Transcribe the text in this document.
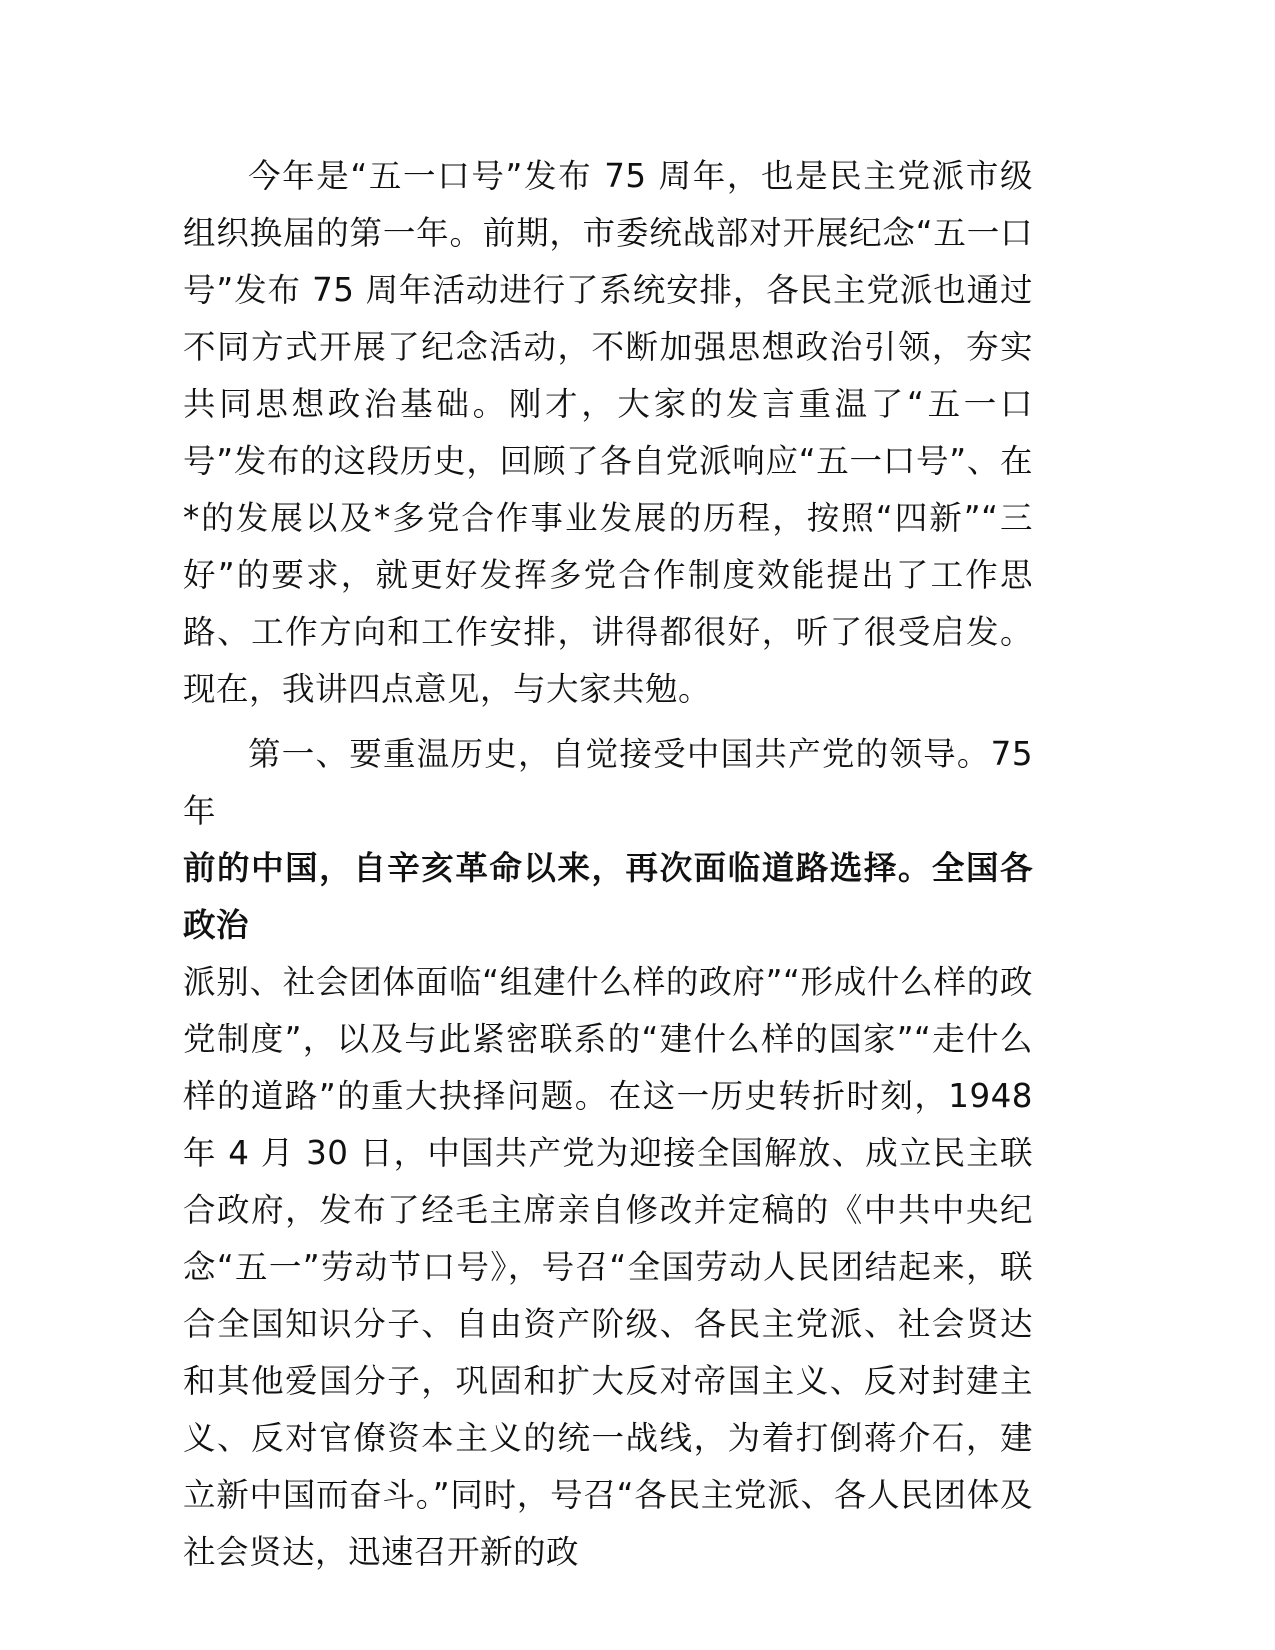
今年是“五一口号”发布 75 周年，也是民主党派市级组织换届的第一年。前期，市委统战部对开展纪念“五一口号”发布 75 周年活动进行了系统安排，各民主党派也通过不同方式开展了纪念活动，不断加强思想政治引领，夯实共同思想政治基础。刚才，大家的发言重温了“五一口号”发布的这段历史，回顾了各自党派响应“五一口号”、在*的发展以及*多党合作事业发展的历程，按照“四新”“三好”的要求，就更好发挥多党合作制度效能提出了工作思路、工作方向和工作安排，讲得都很好，听了很受启发。现在，我讲四点意见，与大家共勉。

第一、要重温历史，自觉接受中国共产党的领导。75 年
前的中国，自辛亥革命以来，再次面临道路选择。全国各政治
派别、社会团体面临“组建什么样的政府”“形成什么样的政党制度”，以及与此紧密联系的“建什么样的国家”“走什么样的道路”的重大抉择问题。在这一历史转折时刻，1948 年 4 月 30 日，中国共产党为迎接全国解放、成立民主联合政府，发布了经毛主席亲自修改并定稿的《中共中央纪念“五一”劳动节口号》，号召“全国劳动人民团结起来，联合全国知识分子、自由资产阶级、各民主党派、社会贤达和其他爱国分子，巩固和扩大反对帝国主义、反对封建主义、反对官僚资本主义的统一战线，为着打倒蒋介石，建立新中国而奋斗。”同时，号召“各民主党派、各人民团体及社会贤达，迅速召开新的政
